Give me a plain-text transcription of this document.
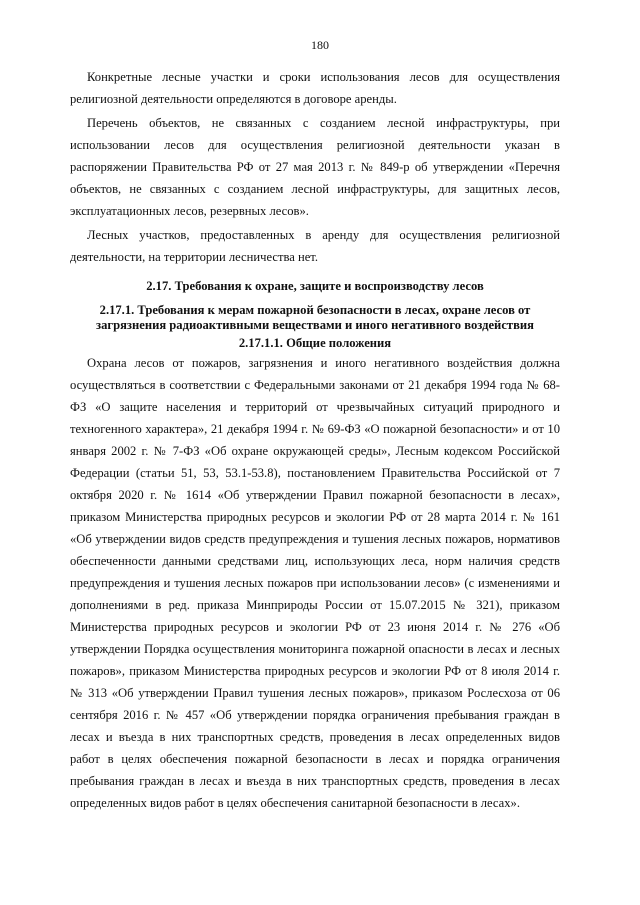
180

Конкретные лесные участки и сроки использования лесов для осуществления религиозной деятельности определяются в договоре аренды.

Перечень объектов, не связанных с созданием лесной инфраструктуры, при использовании лесов для осуществления религиозной деятельности указан в распоряжении Правительства РФ от 27 мая 2013 г. № 849-р об утверждении «Перечня объектов, не связанных с созданием лесной инфраструктуры, для защитных лесов, эксплуатационных лесов, резервных лесов».

Лесных участков, предоставленных в аренду для осуществления религиозной деятельности, на территории лесничества нет.

2.17. Требования к охране, защите и воспроизводству лесов

2.17.1. Требования к мерам пожарной безопасности в лесах, охране лесов от загрязнения радиоактивными веществами и иного негативного воздействия

2.17.1.1. Общие положения

Охрана лесов от пожаров, загрязнения и иного негативного воздействия должна осуществляться в соответствии с Федеральными законами от 21 декабря 1994 года № 68-ФЗ «О защите населения и территорий от чрезвычайных ситуаций природного и техногенного характера», 21 декабря 1994 г. № 69-ФЗ «О пожарной безопасности» и от 10 января 2002 г. № 7-ФЗ «Об охране окружающей среды», Лесным кодексом Российской Федерации (статьи 51, 53, 53.1-53.8), постановлением Правительства Российской от 7 октября 2020 г. № 1614 «Об утверждении Правил пожарной безопасности в лесах», приказом Министерства природных ресурсов и экологии РФ от 28 марта 2014 г. № 161 «Об утверждении видов средств предупреждения и тушения лесных пожаров, нормативов обеспеченности данными средствами лиц, использующих леса, норм наличия средств предупреждения и тушения лесных пожаров при использовании лесов» (с изменениями и дополнениями в ред. приказа Минприроды России от 15.07.2015 № 321), приказом Министерства природных ресурсов и экологии РФ от 23 июня 2014 г. № 276 «Об утверждении Порядка осуществления мониторинга пожарной опасности в лесах и лесных пожаров», приказом Министерства природных ресурсов и экологии РФ от 8 июля 2014 г. № 313 «Об утверждении Правил тушения лесных пожаров», приказом Рослесхоза от 06 сентября 2016 г. № 457 «Об утверждении порядка ограничения пребывания граждан в лесах и въезда в них транспортных средств, проведения в лесах определенных видов работ в целях обеспечения пожарной безопасности в лесах и порядка ограничения пребывания граждан в лесах и въезда в них транспортных средств, проведения в лесах определенных видов работ в целях обеспечения санитарной безопасности в лесах».
